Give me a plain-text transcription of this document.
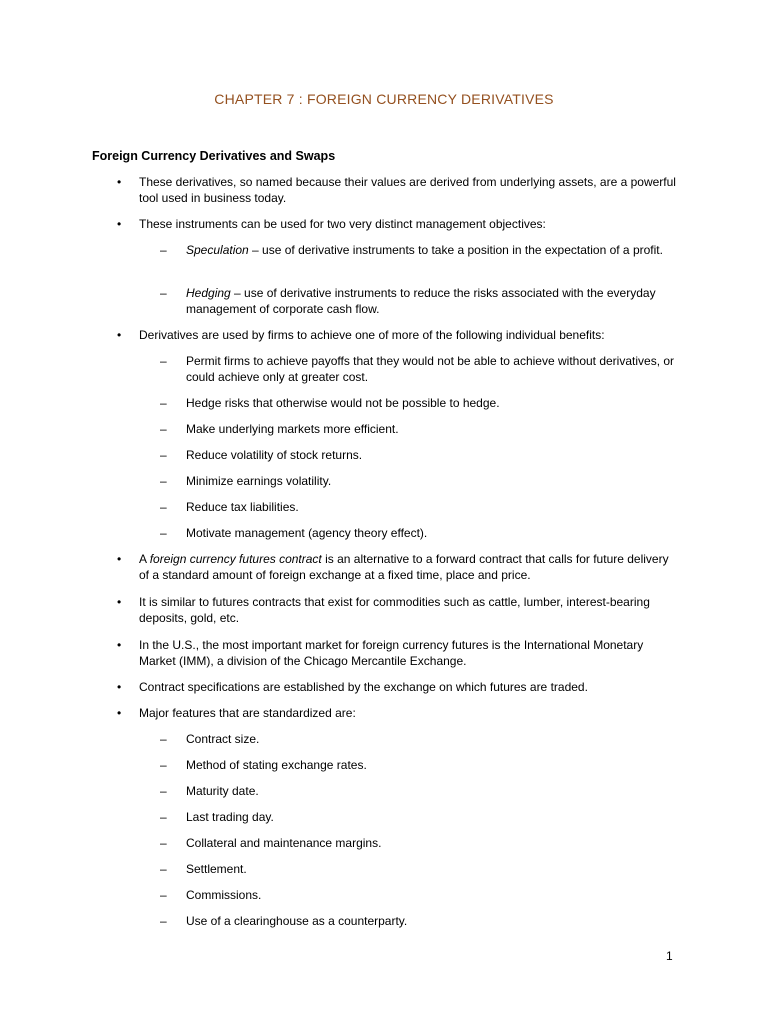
CHAPTER 7 : FOREIGN CURRENCY DERIVATIVES
Foreign Currency Derivatives and Swaps
•	These derivatives, so named because their values are derived from underlying assets, are a powerful tool used in business today.
•	These instruments can be used for two very distinct management objectives:
–	Speculation – use of derivative instruments to take a position in the expectation of a profit.
–	Hedging – use of derivative instruments to reduce the risks associated with the everyday management of corporate cash flow.
•	Derivatives are used by firms to achieve one of more of the following individual benefits:
–	Permit firms to achieve payoffs that they would not be able to achieve without derivatives, or could achieve only at greater cost.
–	Hedge risks that otherwise would not be possible to hedge.
–	Make underlying markets more efficient.
–	Reduce volatility of stock returns.
–	Minimize earnings volatility.
–	Reduce tax liabilities.
–	Motivate management (agency theory effect).
•	A foreign currency futures contract is an alternative to a forward contract that calls for future delivery of a standard amount of foreign exchange at a fixed time, place and price.
•	It is similar to futures contracts that exist for commodities such as cattle, lumber, interest-bearing deposits, gold, etc.
•	In the U.S., the most important market for foreign currency futures is the International Monetary Market (IMM), a division of the Chicago Mercantile Exchange.
•	Contract specifications are established by the exchange on which futures are traded.
•	Major features that are standardized are:
–	Contract size.
–	Method of stating exchange rates.
–	Maturity date.
–	Last trading day.
–	Collateral and maintenance margins.
–	Settlement.
–	Commissions.
–	Use of a clearinghouse as a counterparty.
1
